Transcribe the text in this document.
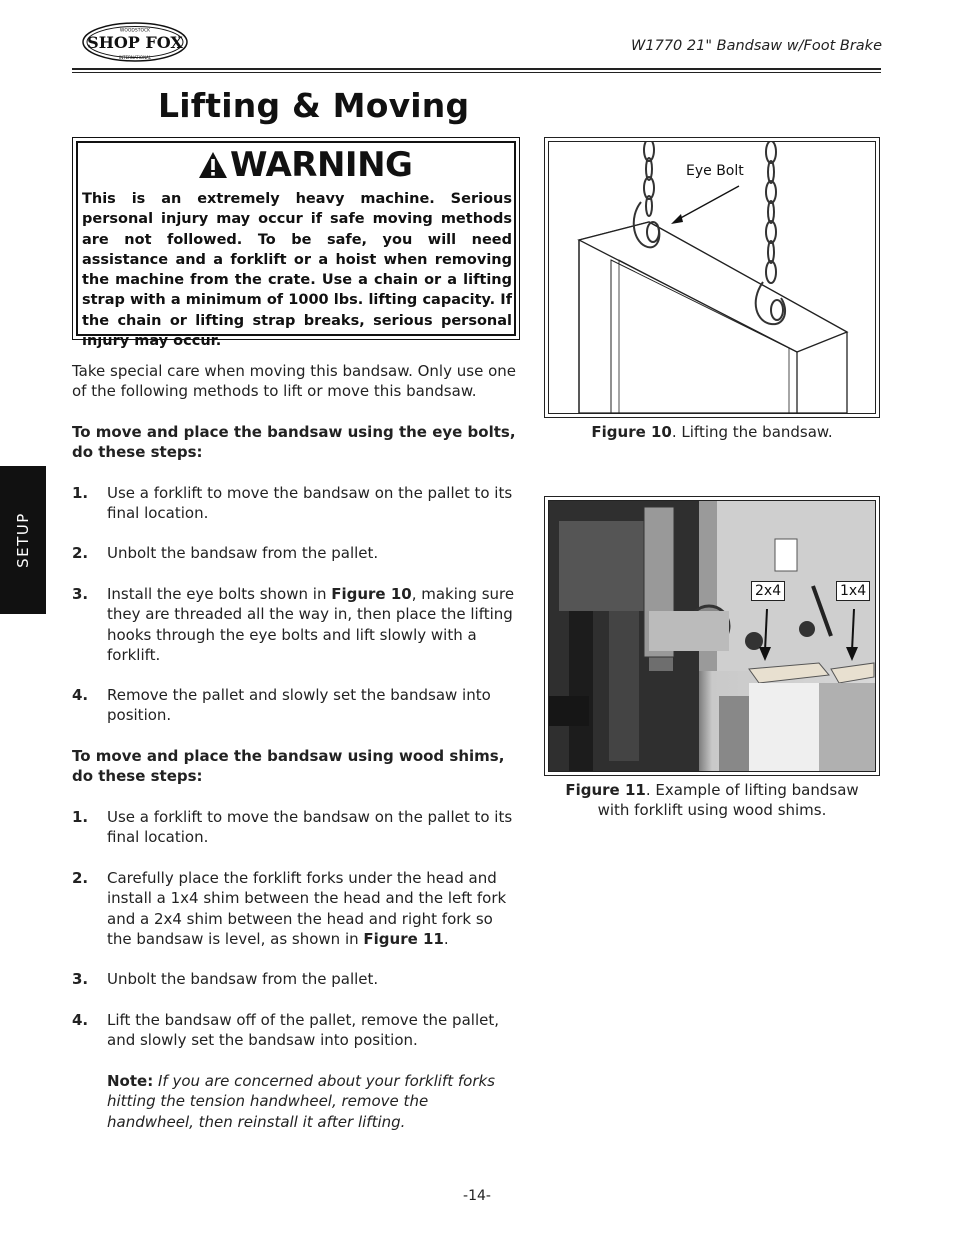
WOODSTOCK
INTERNATIONAL
SHOP FOX	W1770 21" Bandsaw w/Foot Brake
Lifting & Moving
WARNING
This is an extremely heavy machine. Serious personal injury may occur if safe moving methods are not followed. To be safe, you will need assistance and a forklift or a hoist when removing the machine from the crate. Use a chain or a lifting strap with a minimum of 1000 lbs. lifting capacity. If the chain or lifting strap breaks, serious personal injury may occur.
Take special care when moving this bandsaw. Only use one of the following methods to lift or move this bandsaw.
To move and place the bandsaw using the eye bolts, do these steps:
1.	Use a forklift to move the bandsaw on the pallet to its final location.
2.	Unbolt the bandsaw from the pallet.
3.	Install the eye bolts shown in Figure 10, making sure they are threaded all the way in, then place the lifting hooks through the eye bolts and lift slowly with a forklift.
4.	Remove the pallet and slowly set the bandsaw into position.
To move and place the bandsaw using wood shims, do these steps:
1.	Use a forklift to move the bandsaw on the pallet to its final location.
2.	Carefully place the forklift forks under the head and install a 1x4 shim between the head and the left fork and a 2x4 shim between the head and right fork so the bandsaw is level, as shown in Figure 11.
3.	Unbolt the bandsaw from the pallet.
4.	Lift the bandsaw off of the pallet, remove the pallet, and slowly set the bandsaw into position.
Note: If you are concerned about your forklift forks hitting the tension handwheel, remove the handwheel, then reinstall it after lifting.
SETUP
Eye Bolt
Figure 10. Lifting the bandsaw.
2x4	1x4
Figure 11. Example of lifting bandsaw
with forklift using wood shims.
-14-
